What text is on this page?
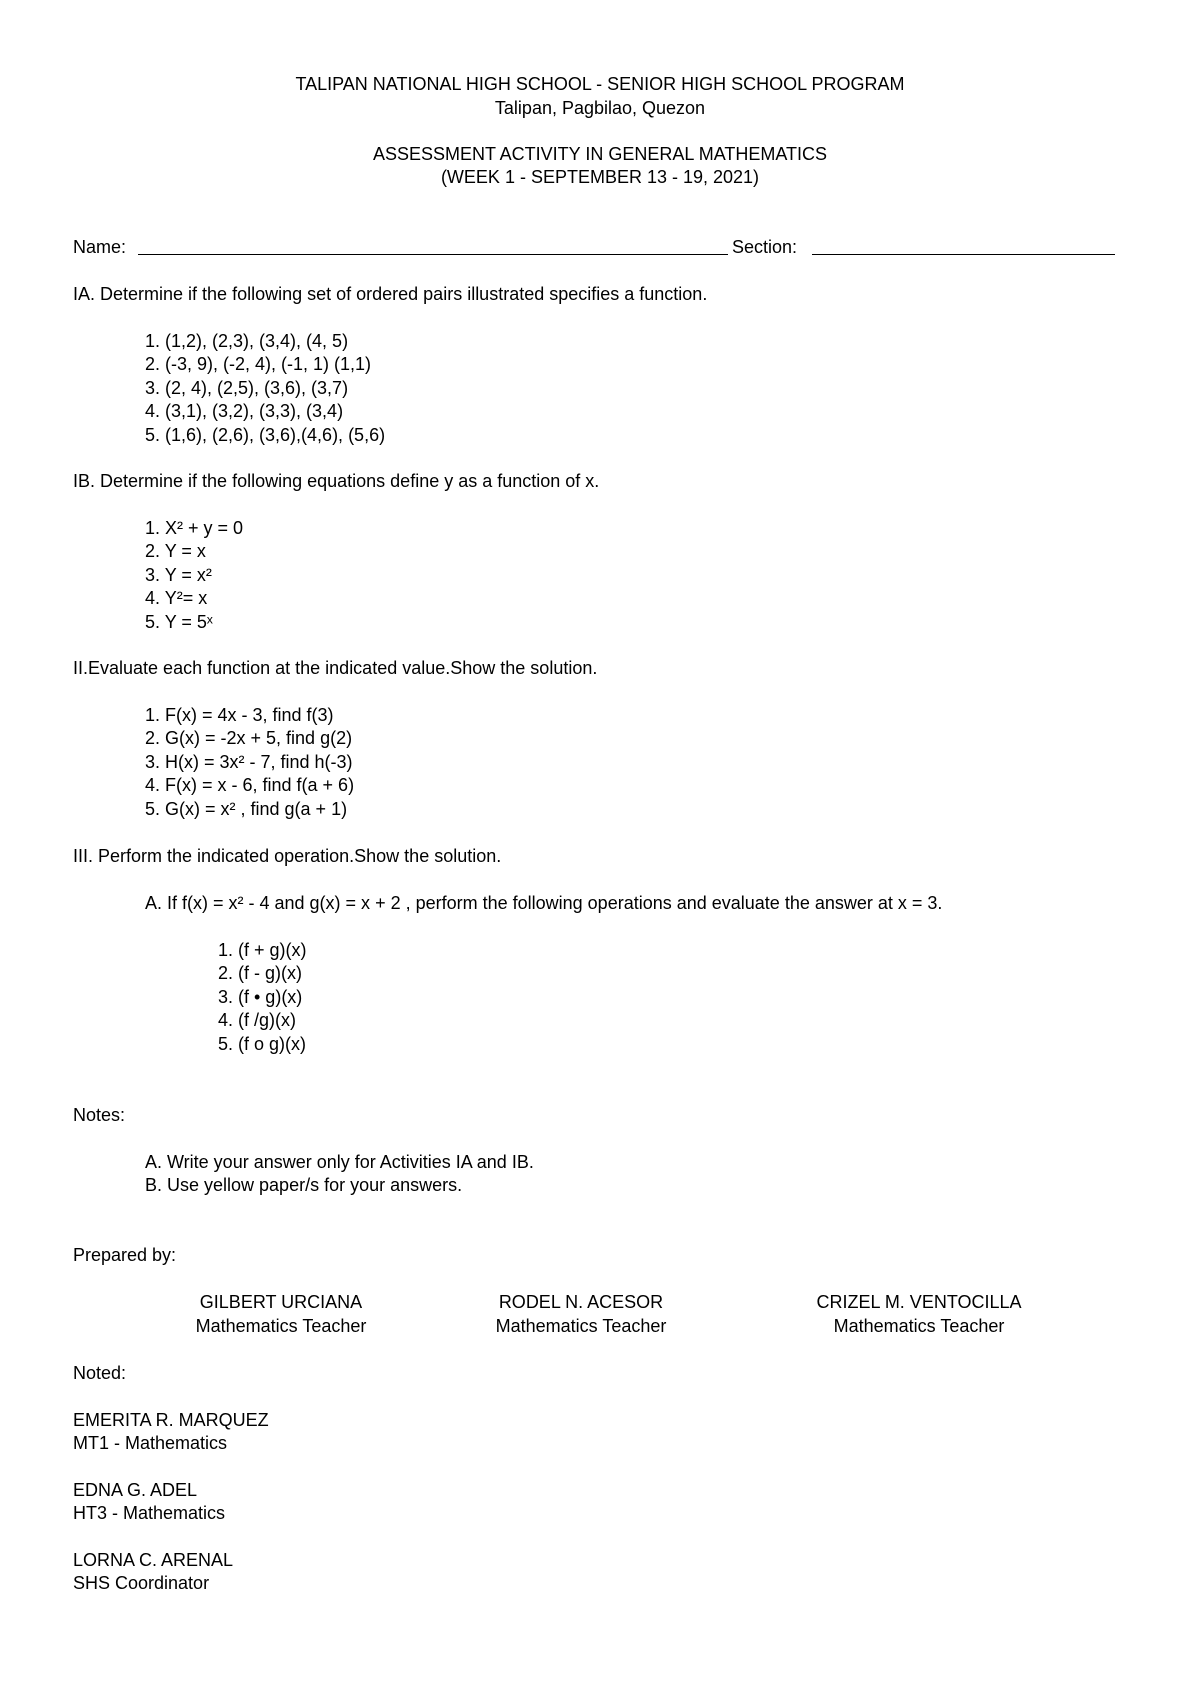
TALIPAN NATIONAL HIGH SCHOOL - SENIOR HIGH SCHOOL PROGRAM
Talipan, Pagbilao, Quezon
ASSESSMENT ACTIVITY IN GENERAL MATHEMATICS
(WEEK 1 - SEPTEMBER 13 - 19, 2021)
Name:	Section:
IA. Determine if the following set of ordered pairs illustrated specifies a function.
1. (1,2), (2,3), (3,4), (4, 5)
2. (-3, 9), (-2, 4), (-1, 1) (1,1)
3. (2, 4), (2,5), (3,6), (3,7)
4. (3,1), (3,2), (3,3), (3,4)
5. (1,6), (2,6), (3,6),(4,6), (5,6)
IB. Determine if the following equations define y as a function of x.
1. X² + y = 0
2. Y = x
3. Y = x²
4. Y²= x
5. Y = 5ˣ
II.Evaluate each function at the indicated value.Show the solution.
1. F(x) = 4x - 3, find f(3)
2. G(x) = -2x + 5, find g(2)
3. H(x) = 3x² - 7, find h(-3)
4. F(x) = x - 6, find f(a + 6)
5. G(x) = x² , find g(a + 1)
III. Perform the indicated operation.Show the solution.
A. If f(x) = x² - 4 and g(x) = x + 2 , perform the following operations and evaluate the answer at x = 3.
1. (f + g)(x)
2. (f - g)(x)
3. (f • g)(x)
4. (f /g)(x)
5. (f o g)(x)
Notes:
A. Write your answer only for Activities IA and IB.
B. Use yellow paper/s for your answers.
Prepared by:
GILBERT URCIANA
Mathematics Teacher
RODEL N. ACESOR
Mathematics Teacher
CRIZEL M. VENTOCILLA
Mathematics Teacher
Noted:
EMERITA R. MARQUEZ
MT1 - Mathematics
EDNA G. ADEL
HT3 - Mathematics
LORNA C. ARENAL
SHS Coordinator
